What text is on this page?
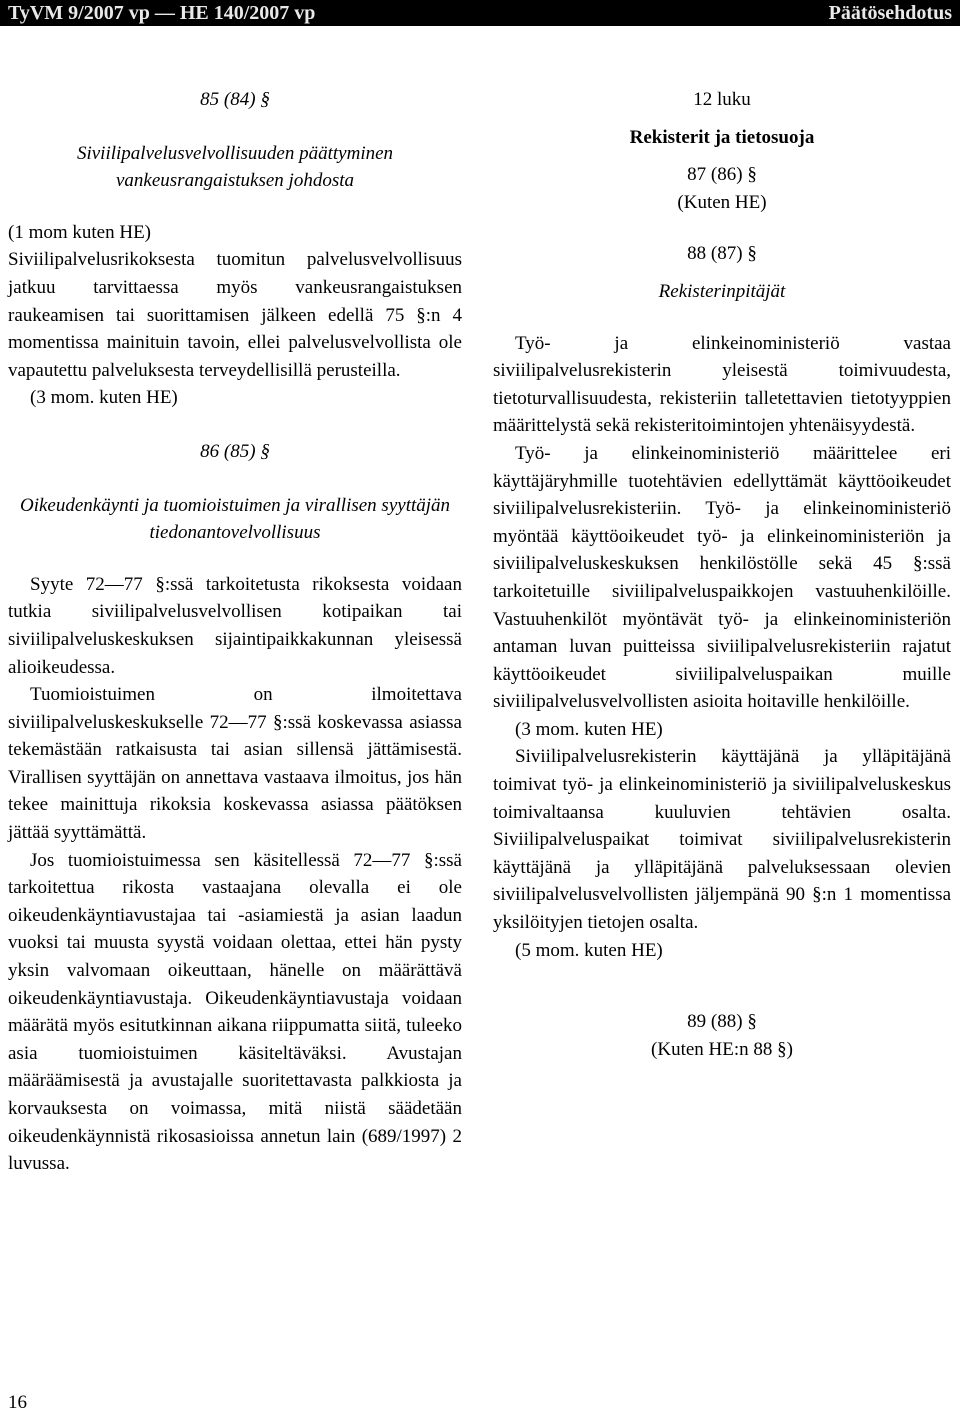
TyVM 9/2007 vp — HE 140/2007 vp	Päätösehdotus

85 (84) §

Siviilipalvelusvelvollisuuden päättyminen vankeusrangaistuksen johdosta

(1 mom kuten HE)

Siviilipalvelusrikoksesta tuomitun palvelusvelvollisuus jatkuu tarvittaessa myös vankeusrangaistuksen raukeamisen tai suorittamisen jälkeen edellä 75 §:n 4 momentissa mainituin tavoin, ellei palvelusvelvollista ole vapautettu palveluksesta terveydellisillä perusteilla.

(3 mom. kuten HE)

86 (85) §

Oikeudenkäynti ja tuomioistuimen ja virallisen syyttäjän tiedonantovelvollisuus

Syyte 72—77 §:ssä tarkoitetusta rikoksesta voidaan tutkia siviilipalvelusvelvollisen kotipaikan tai siviilipalveluskeskuksen sijaintipaikkakunnan yleisessä alioikeudessa.

Tuomioistuimen on ilmoitettava siviilipalveluskeskukselle 72—77 §:ssä koskevassa asiassa tekemästään ratkaisusta tai asian sillensä jättämisestä. Virallisen syyttäjän on annettava vastaava ilmoitus, jos hän tekee mainittuja rikoksia koskevassa asiassa päätöksen jättää syyttämättä.

Jos tuomioistuimessa sen käsitellessä 72—77 §:ssä tarkoitettua rikosta vastaajana olevalla ei ole oikeudenkäyntiavustajaa tai -asiamiestä ja asian laadun vuoksi tai muusta syystä voidaan olettaa, ettei hän pysty yksin valvomaan oikeuttaan, hänelle on määrättävä oikeudenkäyntiavustaja. Oikeudenkäyntiavustaja voidaan määrätä myös esitutkinnan aikana riippumatta siitä, tuleeko asia tuomioistuimen käsiteltäväksi. Avustajan määräämisestä ja avustajalle suoritettavasta palkkiosta ja korvauksesta on voimassa, mitä niistä säädetään oikeudenkäynnistä rikosasioissa annetun lain (689/1997) 2 luvussa.

12 luku

Rekisterit ja tietosuoja

87 (86) §

(Kuten HE)

88 (87) §

Rekisterinpitäjät

Työ- ja elinkeinoministeriö vastaa siviilipalvelusrekisterin yleisestä toimivuudesta, tietoturvallisuudesta, rekisteriin talletettavien tietotyyppien määrittelystä sekä rekisteritoimintojen yhtenäisyydestä.

Työ- ja elinkeinoministeriö määrittelee eri käyttäjäryhmille tuotehtävien edellyttämät käyttöoikeudet siviilipalvelusrekisteriin. Työ- ja elinkeinoministeriö myöntää käyttöoikeudet työ- ja elinkeinoministeriön ja siviilipalveluskeskuksen henkilöstölle sekä 45 §:ssä tarkoitetuille siviilipalveluspaikkojen vastuuhenkilöille. Vastuuhenkilöt myöntävät työ- ja elinkeinoministeriön antaman luvan puitteissa siviilipalvelusrekisteriin rajatut käyttöoikeudet siviilipalveluspaikan muille siviilipalvelusvelvollisten asioita hoitaville henkilöille.

(3 mom. kuten HE)

Siviilipalvelusrekisterin käyttäjänä ja ylläpitäjänä toimivat työ- ja elinkeinoministeriö ja siviilipalveluskeskus toimivaltaansa kuuluvien tehtävien osalta. Siviilipalveluspaikat toimivat siviilipalvelusrekisterin käyttäjänä ja ylläpitäjänä palveluksessaan olevien siviilipalvelusvelvollisten jäljempänä 90 §:n 1 momentissa yksilöityjen tietojen osalta.

(5 mom. kuten HE)

89 (88) §

(Kuten HE:n 88 §)

16
